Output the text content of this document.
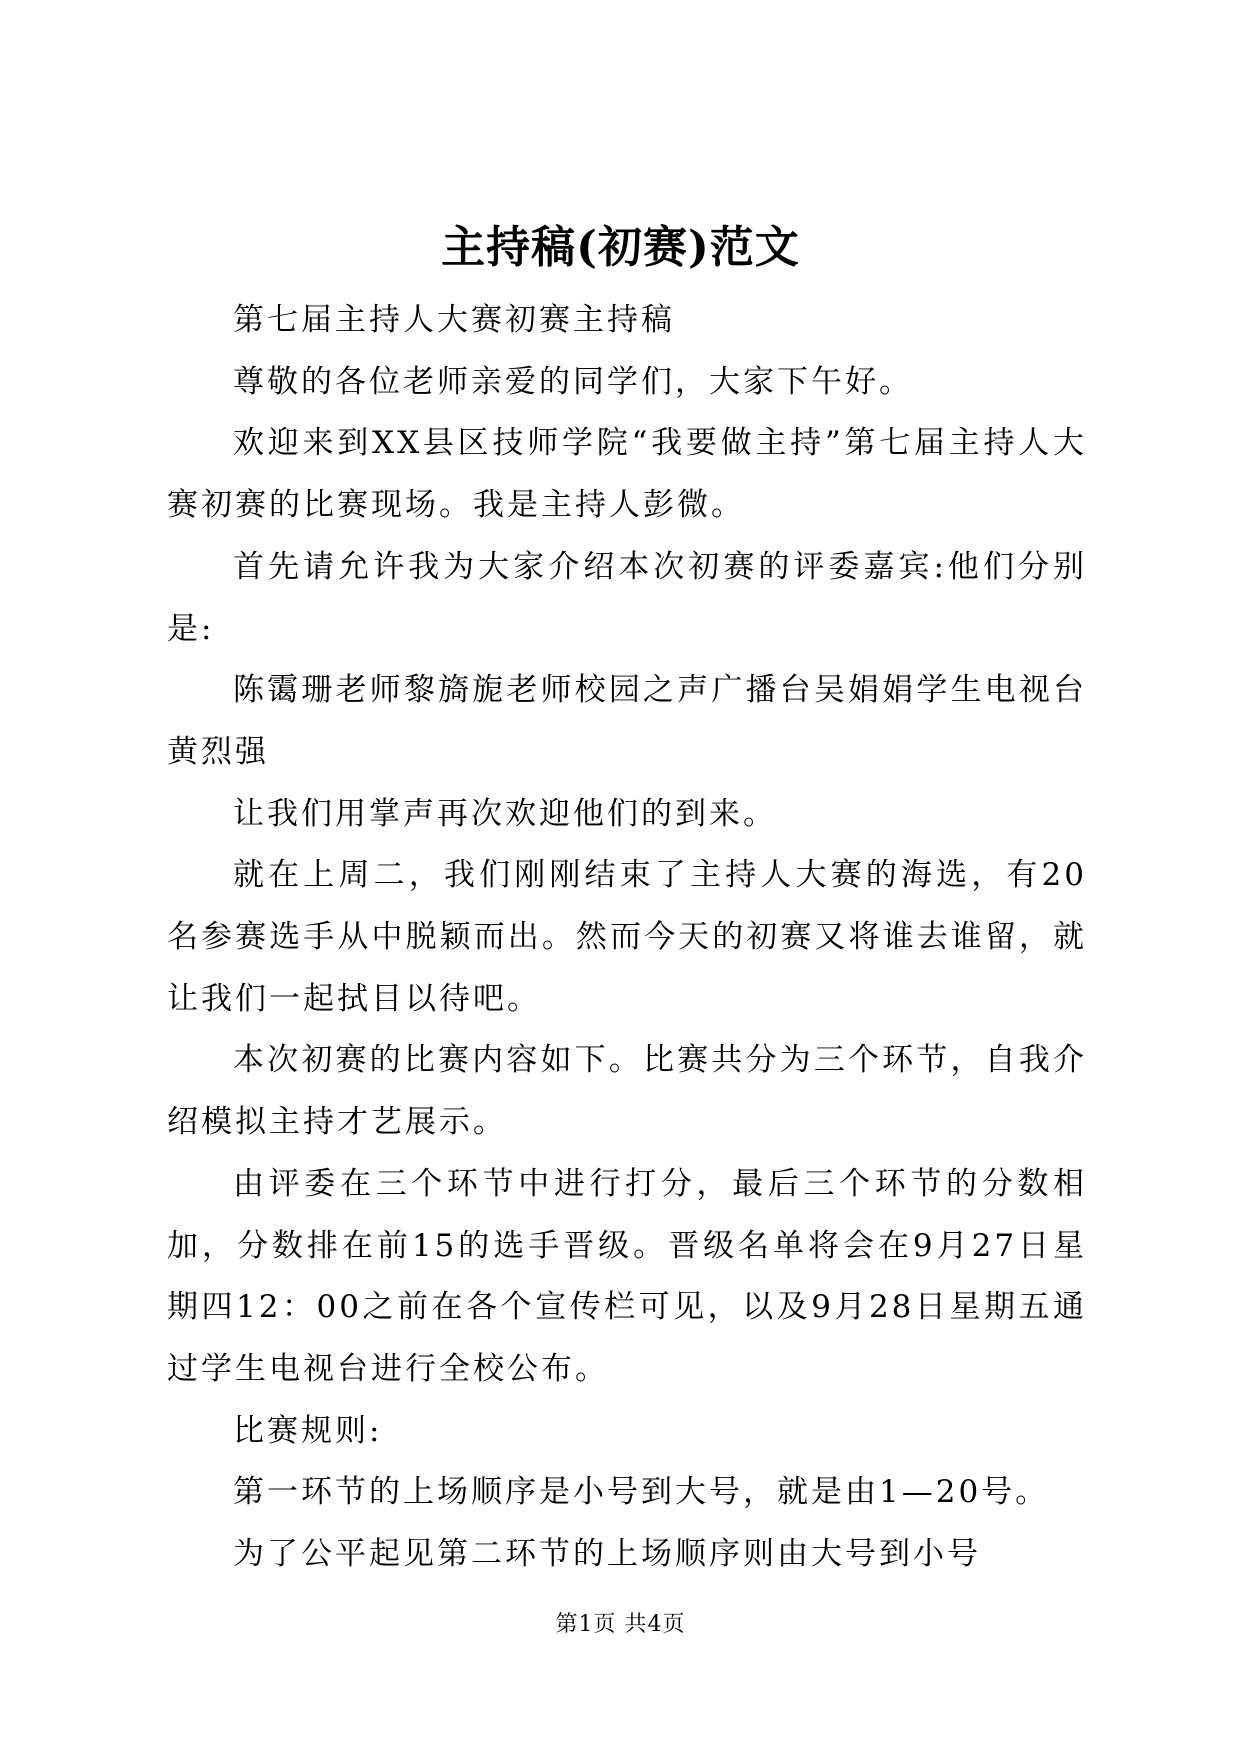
主持稿(初赛)范文

第七届主持人大赛初赛主持稿

尊敬的各位老师亲爱的同学们，大家下午好。

欢迎来到XX县区技师学院“我要做主持”第七届主持人大赛初赛的比赛现场。我是主持人彭微。

首先请允许我为大家介绍本次初赛的评委嘉宾:他们分别是:

陈霭珊老师黎旖旎老师校园之声广播台吴娟娟学生电视台黄烈强

让我们用掌声再次欢迎他们的到来。

就在上周二，我们刚刚结束了主持人大赛的海选，有20名参赛选手从中脱颖而出。然而今天的初赛又将谁去谁留，就让我们一起拭目以待吧。

本次初赛的比赛内容如下。比赛共分为三个环节，自我介绍模拟主持才艺展示。

由评委在三个环节中进行打分，最后三个环节的分数相加，分数排在前15的选手晋级。晋级名单将会在9月27日星期四12：00之前在各个宣传栏可见，以及9月28日星期五通过学生电视台进行全校公布。

比赛规则:

第一环节的上场顺序是小号到大号，就是由1—20号。

为了公平起见第二环节的上场顺序则由大号到小号

第1页 共4页
